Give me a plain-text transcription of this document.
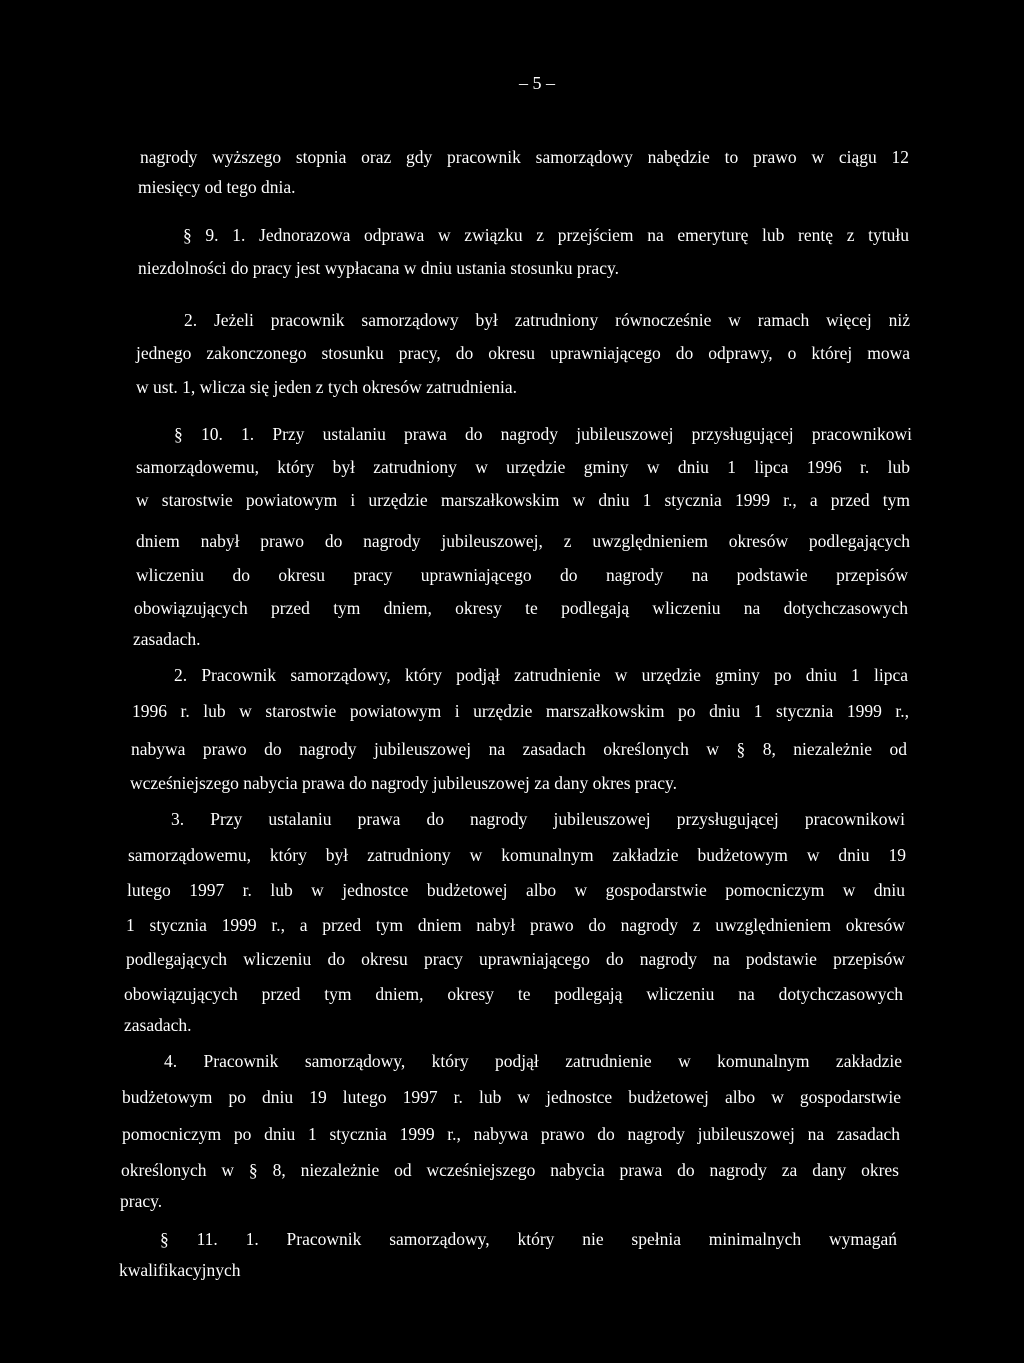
– 5 –
nagrody wyższego stopnia oraz gdy pracownik samorządowy nabędzie to prawo w ciągu 12
miesięcy od tego dnia.
§ 9. 1. Jednorazowa odprawa w związku z przejściem na emeryturę lub rentę z tytułu
niezdolności do pracy jest wypłacana w dniu ustania stosunku pracy.
2. Jeżeli pracownik samorządowy był zatrudniony równocześnie w ramach więcej niż
jednego zakonczonego stosunku pracy, do okresu uprawniającego do odprawy, o której mowa
w ust. 1, wlicza się jeden z tych okresów zatrudnienia.
§ 10. 1. Przy ustalaniu prawa do nagrody jubileuszowej przysługującej pracownikowi
samorządowemu, który był zatrudniony w urzędzie gminy w dniu 1 lipca 1996 r. lub
w starostwie powiatowym i urzędzie marszałkowskim w dniu 1 stycznia 1999 r., a przed tym
dniem nabył prawo do nagrody jubileuszowej, z uwzględnieniem okresów podlegających
wliczeniu do okresu pracy uprawniającego do nagrody na podstawie przepisów
obowiązujących przed tym dniem, okresy te podlegają wliczeniu na dotychczasowych
zasadach.
2. Pracownik samorządowy, który podjął zatrudnienie w urzędzie gminy po dniu 1 lipca
1996 r. lub w starostwie powiatowym i urzędzie marszałkowskim po dniu 1 stycznia 1999 r.,
nabywa prawo do nagrody jubileuszowej na zasadach określonych w § 8, niezależnie od
wcześniejszego nabycia prawa do nagrody jubileuszowej za dany okres pracy.
3. Przy ustalaniu prawa do nagrody jubileuszowej przysługującej pracownikowi
samorządowemu, który był zatrudniony w komunalnym zakładzie budżetowym w dniu 19
lutego 1997 r. lub w jednostce budżetowej albo w gospodarstwie pomocniczym w dniu
1 stycznia 1999 r., a przed tym dniem nabył prawo do nagrody z uwzględnieniem okresów
podlegających wliczeniu do okresu pracy uprawniającego do nagrody na podstawie przepisów
obowiązujących przed tym dniem, okresy te podlegają wliczeniu na dotychczasowych
zasadach.
4. Pracownik samorządowy, który podjął zatrudnienie w komunalnym zakładzie
budżetowym po dniu 19 lutego 1997 r. lub w jednostce budżetowej albo w gospodarstwie
pomocniczym po dniu 1 stycznia 1999 r., nabywa prawo do nagrody jubileuszowej na zasadach
określonych w § 8, niezależnie od wcześniejszego nabycia prawa do nagrody za dany okres
pracy.
§ 11. 1. Pracownik samorządowy, który nie spełnia minimalnych wymagań
kwalifikacyjnych
